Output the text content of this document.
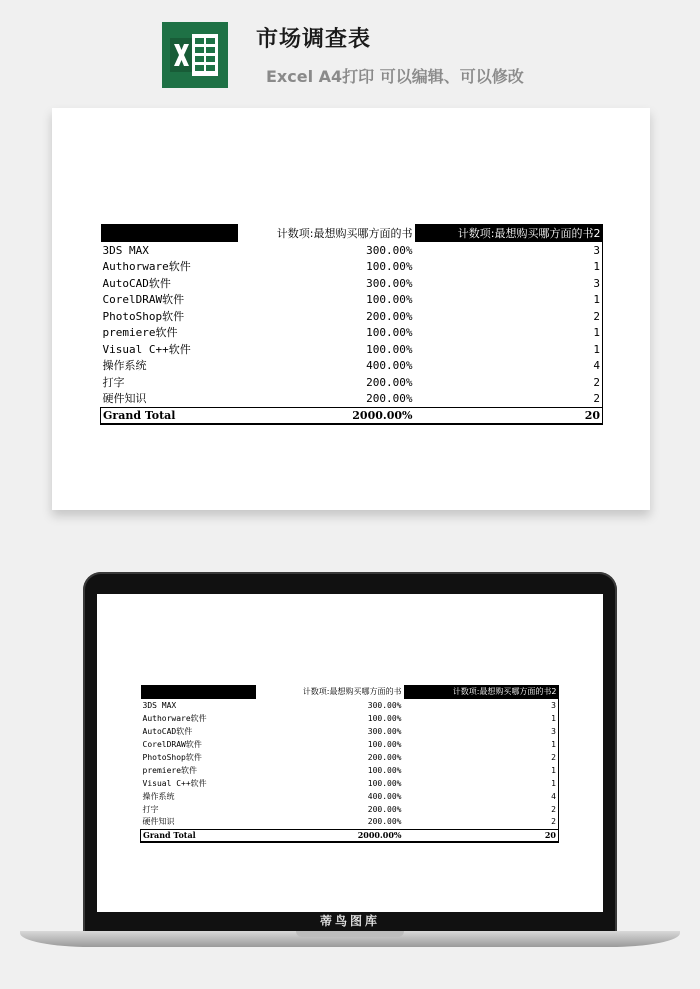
市场调查表
Excel A4打印 可以编辑、可以修改
	计数项:最想购买哪方面的书	计数项:最想购买哪方面的书2
3DS MAX	300.00%	3
Authorware软件	100.00%	1
AutoCAD软件	300.00%	3
CorelDRAW软件	100.00%	1
PhotoShop软件	200.00%	2
premiere软件	100.00%	1
Visual C++软件	100.00%	1
操作系统	400.00%	4
打字	200.00%	2
硬件知识	200.00%	2
Grand Total	2000.00%	20
	计数项:最想购买哪方面的书	计数项:最想购买哪方面的书2
3DS MAX	300.00%	3
Authorware软件	100.00%	1
AutoCAD软件	300.00%	3
CorelDRAW软件	100.00%	1
PhotoShop软件	200.00%	2
premiere软件	100.00%	1
Visual C++软件	100.00%	1
操作系统	400.00%	4
打字	200.00%	2
硬件知识	200.00%	2
Grand Total	2000.00%	20
蒂鸟图库
